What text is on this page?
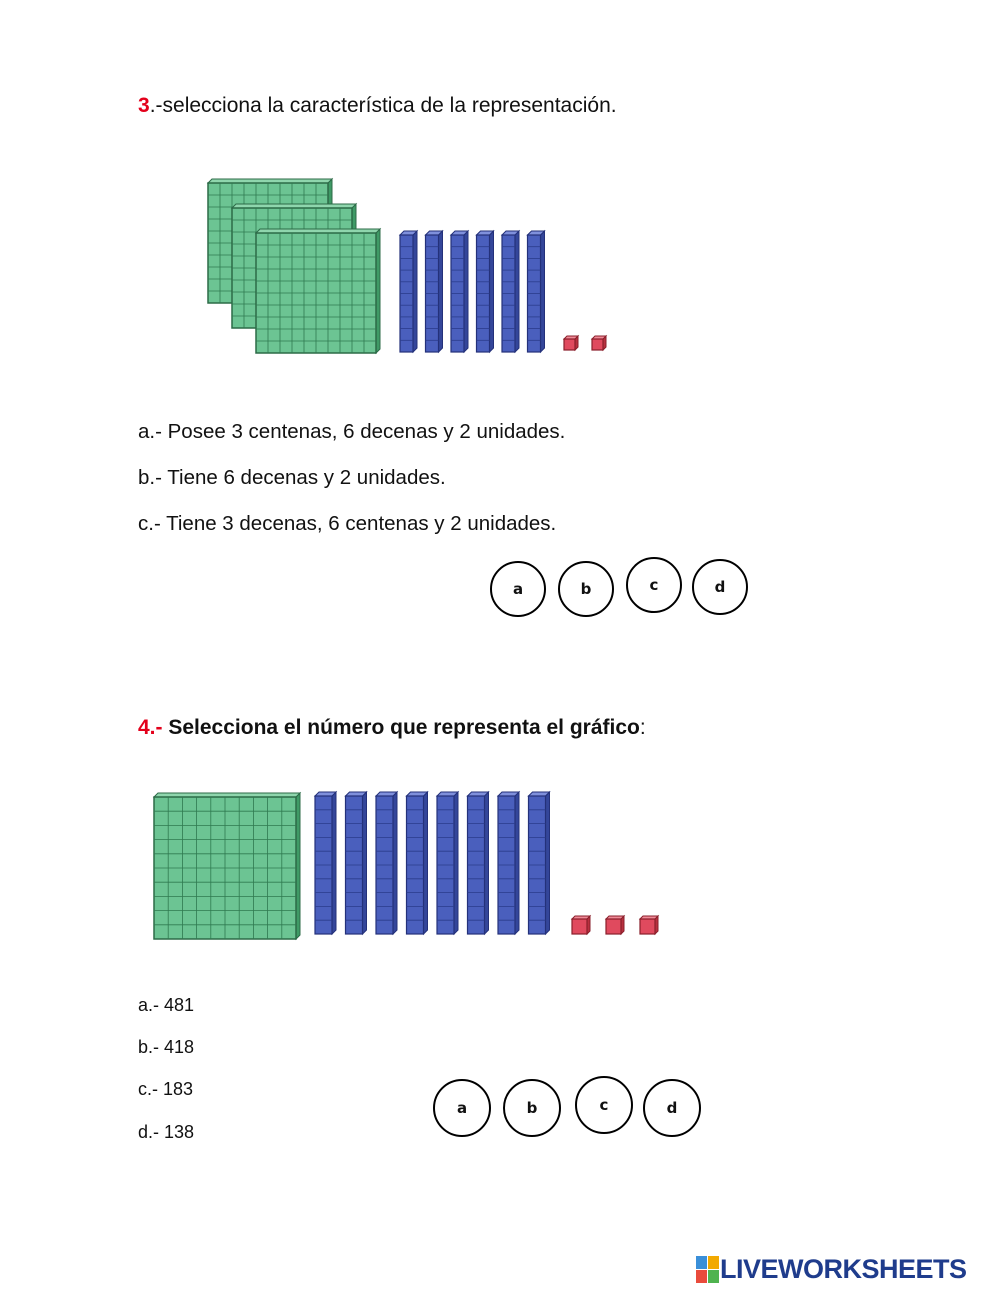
3.-selecciona la característica de la representación.
a.- Posee 3 centenas, 6 decenas y 2 unidades.
b.- Tiene 6 decenas y 2 unidades.
c.- Tiene 3 decenas, 6 centenas y 2 unidades.
a	b	c	d
4.- Selecciona el número que representa el gráfico:
a.- 481
b.- 418
c.- 183
d.- 138
a	b	c	d
LIVEWORKSHEETS
